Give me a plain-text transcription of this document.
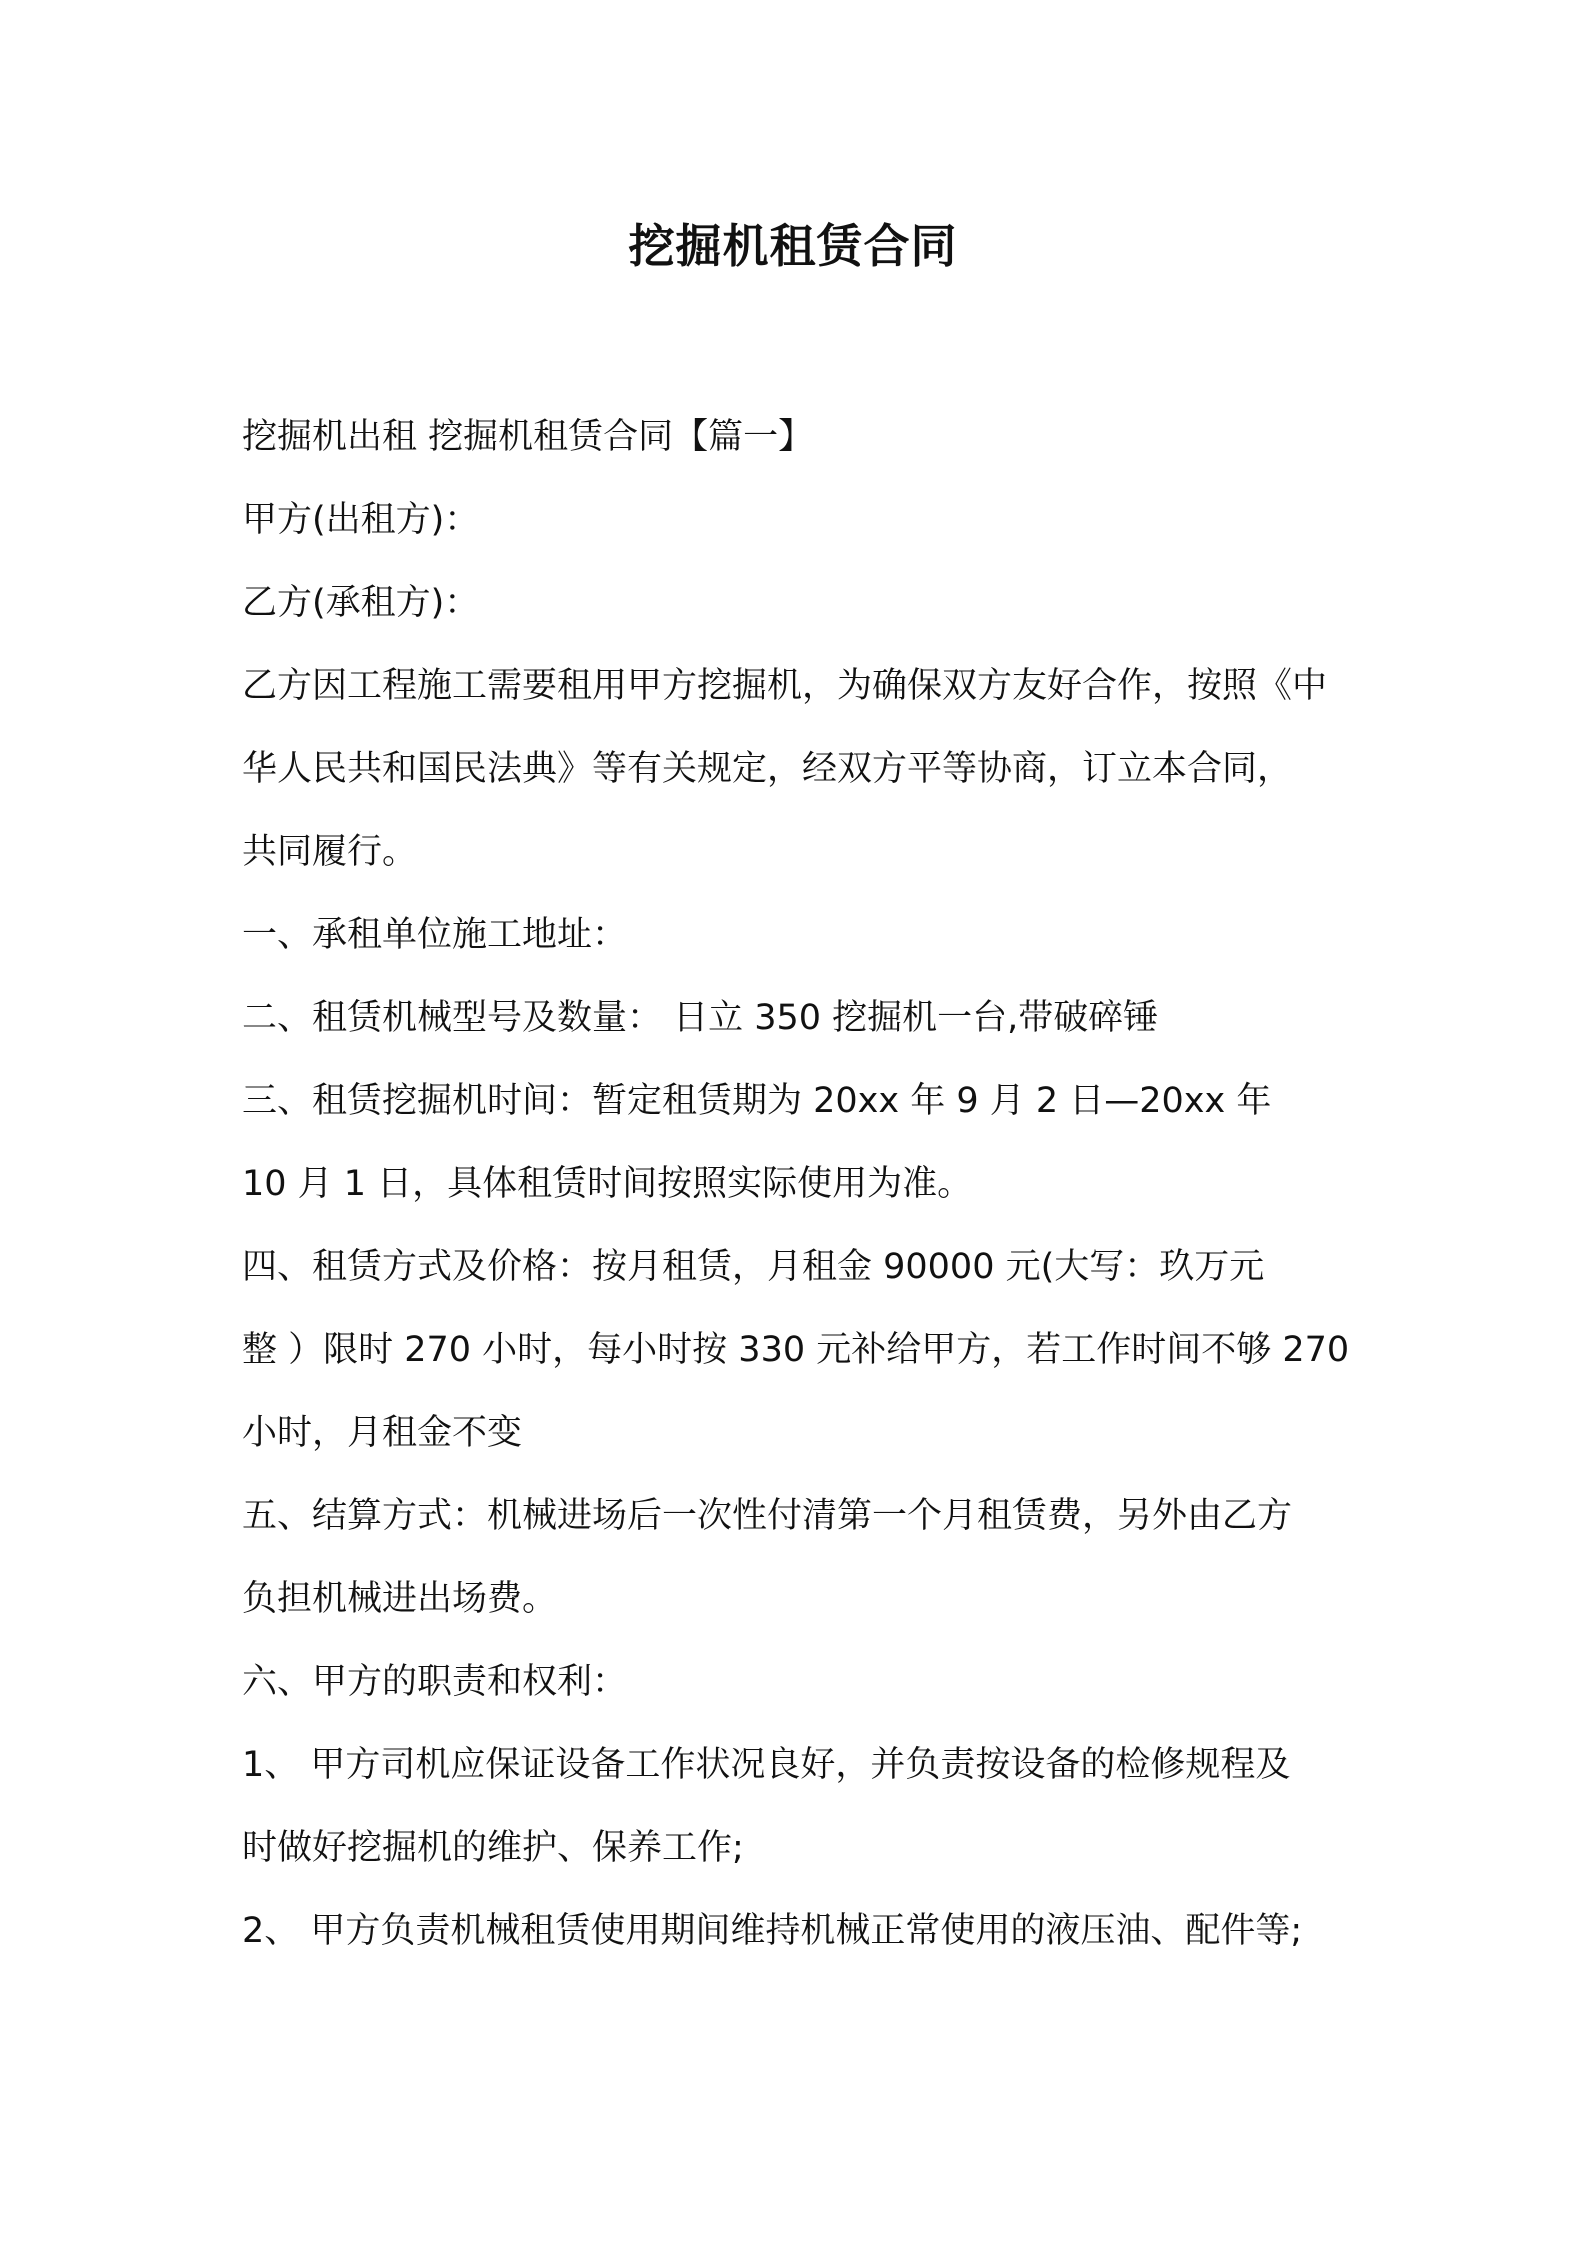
挖掘机租赁合同
挖掘机出租 挖掘机租赁合同【篇一】
甲方(出租方)：
乙方(承租方)：
乙方因工程施工需要租用甲方挖掘机，为确保双方友好合作，按照《中
华人民共和国民法典》等有关规定，经双方平等协商，订立本合同，
共同履行。
一、承租单位施工地址：
二、租赁机械型号及数量： 日立 350 挖掘机一台,带破碎锤
三、租赁挖掘机时间：暂定租赁期为 20xx 年 9 月 2 日—20xx 年
10 月 1 日，具体租赁时间按照实际使用为准。
四、租赁方式及价格：按月租赁，月租金 90000 元(大写：玖万元
整 ）限时 270 小时，每小时按 330 元补给甲方，若工作时间不够 270
小时，月租金不变
五、结算方式：机械进场后一次性付清第一个月租赁费，另外由乙方
负担机械进出场费。
六、甲方的职责和权利：
1、 甲方司机应保证设备工作状况良好，并负责按设备的检修规程及
时做好挖掘机的维护、保养工作;
2、 甲方负责机械租赁使用期间维持机械正常使用的液压油、配件等;
